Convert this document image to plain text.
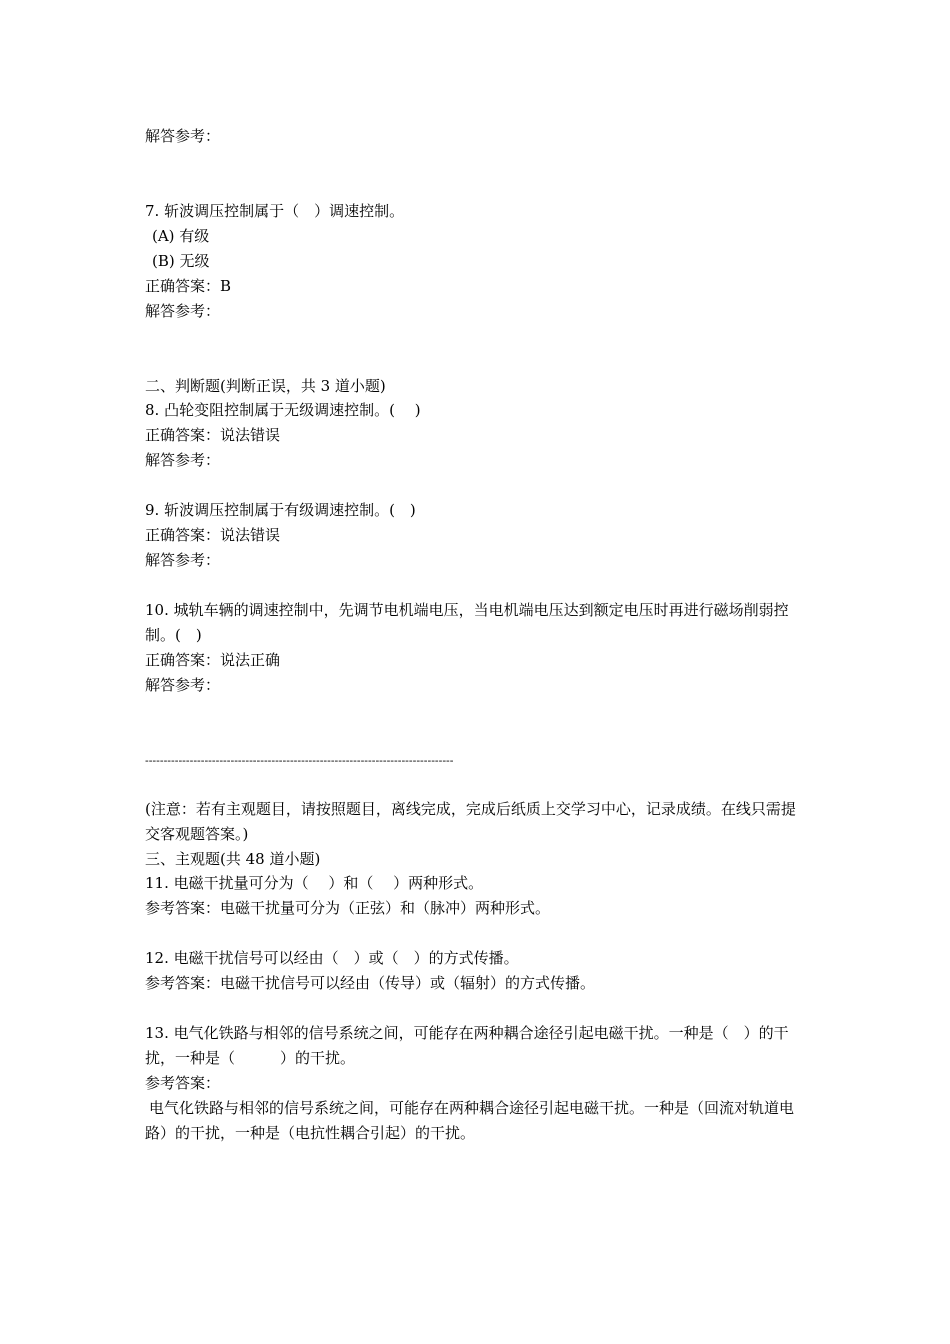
解答参考：
7. 斩波调压控制属于（　）调速控制。
(A) 有级
(B) 无级
正确答案：B
解答参考：
二、判断题(判断正误，共 3 道小题)
8. 凸轮变阻控制属于无级调速控制。(　 )
正确答案：说法错误
解答参考：
9. 斩波调压控制属于有级调速控制。(　)
正确答案：说法错误
解答参考：
10. 城轨车辆的调速控制中，先调节电机端电压，当电机端电压达到额定电压时再进行磁场削弱控制。(　)
正确答案：说法正确
解答参考：
-----------------------------------------------------------------------------------
(注意：若有主观题目，请按照题目，离线完成，完成后纸质上交学习中心，记录成绩。在线只需提交客观题答案。)
三、主观题(共 48 道小题)
11. 电磁干扰量可分为（　 ）和（　 ）两种形式。
参考答案：电磁干扰量可分为（正弦）和（脉冲）两种形式。
12. 电磁干扰信号可以经由（　）或（　）的方式传播。
参考答案：电磁干扰信号可以经由（传导）或（辐射）的方式传播。
13. 电气化铁路与相邻的信号系统之间，可能存在两种耦合途径引起电磁干扰。一种是（　）的干扰，一种是（　　　）的干扰。
参考答案：
电气化铁路与相邻的信号系统之间，可能存在两种耦合途径引起电磁干扰。一种是（回流对轨道电路）的干扰，一种是（电抗性耦合引起）的干扰。
